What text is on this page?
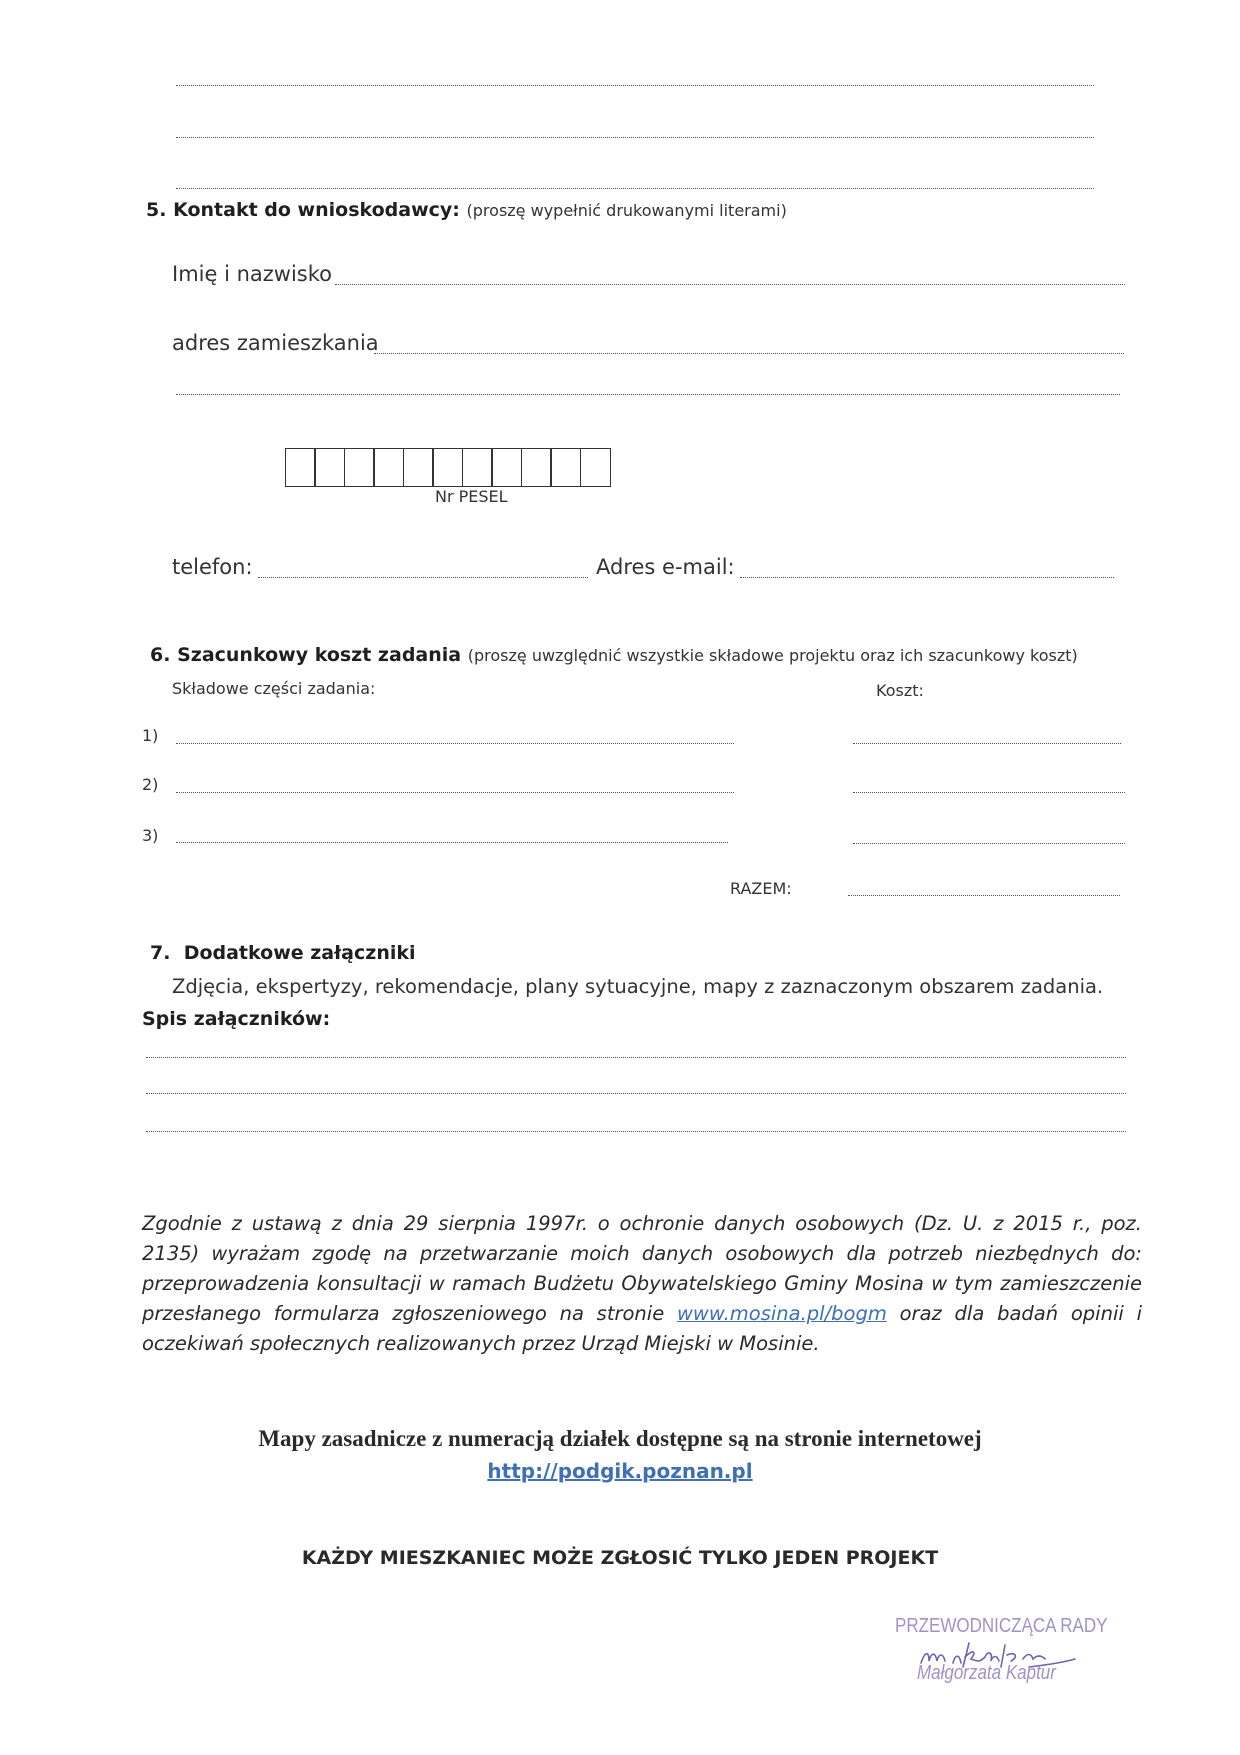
5. Kontakt do wnioskodawcy: (proszę wypełnić drukowanymi literami)
Imię i nazwisko
adres zamieszkania
Nr PESEL
telefon:	Adres e-mail:
6. Szacunkowy koszt zadania (proszę uwzględnić wszystkie składowe projektu oraz ich szacunkowy koszt)
Składowe części zadania:	Koszt:
1)
2)
3)
RAZEM:
7. Dodatkowe załączniki
Zdjęcia, ekspertyzy, rekomendacje, plany sytuacyjne, mapy z zaznaczonym obszarem zadania.
Spis załączników:
Zgodnie z ustawą z dnia 29 sierpnia 1997r. o ochronie danych osobowych (Dz. U. z 2015 r., poz. 2135) wyrażam zgodę na przetwarzanie moich danych osobowych dla potrzeb niezbędnych do: przeprowadzenia konsultacji w ramach Budżetu Obywatelskiego Gminy Mosina w tym zamieszczenie przesłanego formularza zgłoszeniowego na stronie www.mosina.pl/bogm oraz dla badań opinii i oczekiwań społecznych realizowanych przez Urząd Miejski w Mosinie.
Mapy zasadnicze z numeracją działek dostępne są na stronie internetowej
http://podgik.poznan.pl
KAŻDY MIESZKANIEC MOŻE ZGŁOSIĆ TYLKO JEDEN PROJEKT
PRZEWODNICZĄCA RADY
Małgorzata Kaptur
